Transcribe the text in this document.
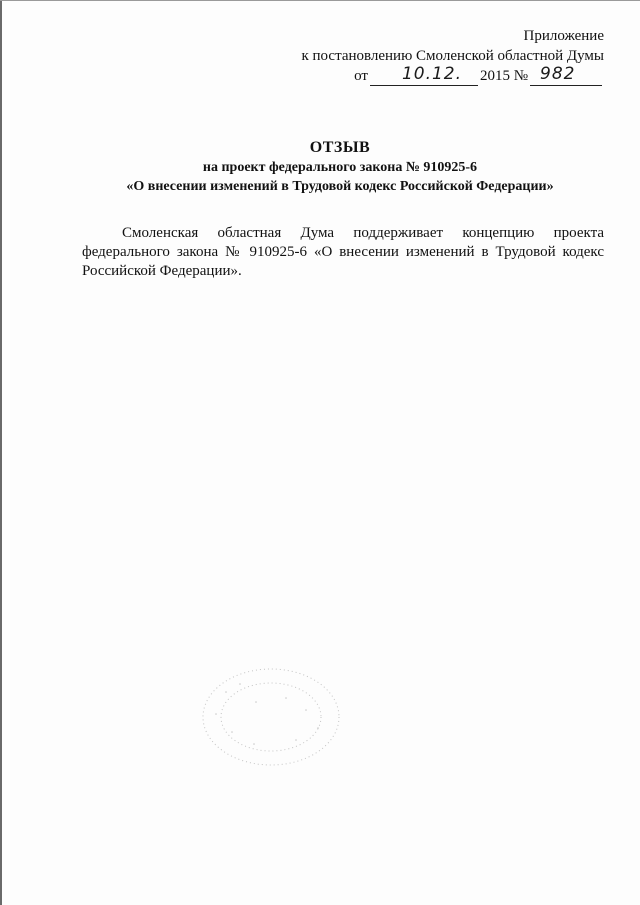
Приложение
к постановлению Смоленской областной Думы
от 10.12. 2015 № 982
ОТЗЫВ
на проект федерального закона № 910925-6
«О внесении изменений в Трудовой кодекс Российской Федерации»

Смоленская областная Дума поддерживает концепцию проекта федерального закона № 910925-6 «О внесении изменений в Трудовой кодекс Российской Федерации».
